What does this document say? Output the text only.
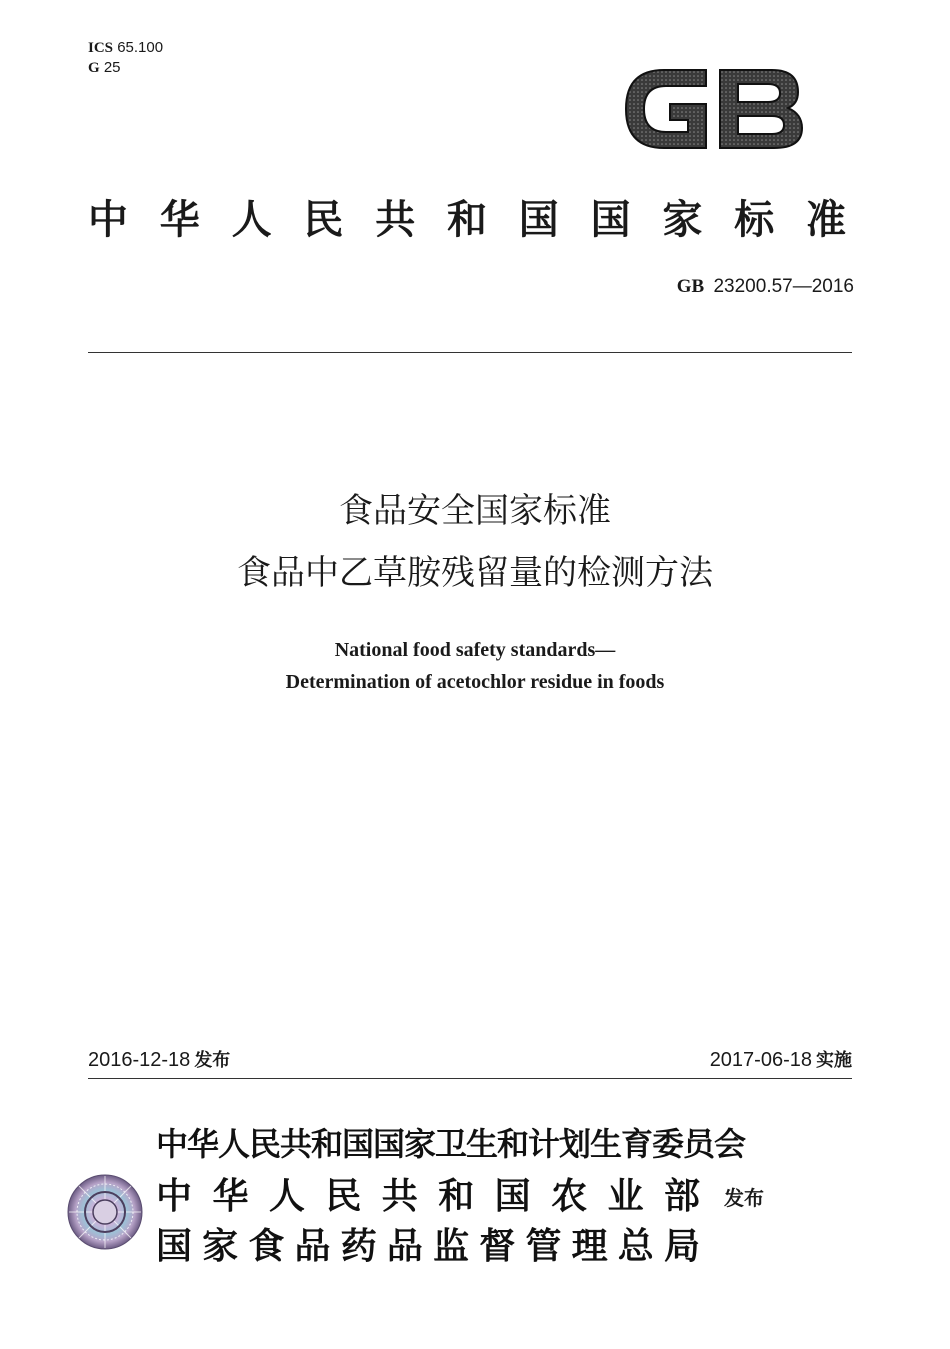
ICS 65.100
G 25
中华人民共和国国家标准
GB 23200.57—2016
食品安全国家标准
食品中乙草胺残留量的检测方法
National food safety standards—
Determination of acetochlor residue in foods
2016-12-18 发布	2017-06-18 实施
中华人民共和国国家卫生和计划生育委员会
中华人民共和国农业部
国家食品药品监督管理总局
发布
